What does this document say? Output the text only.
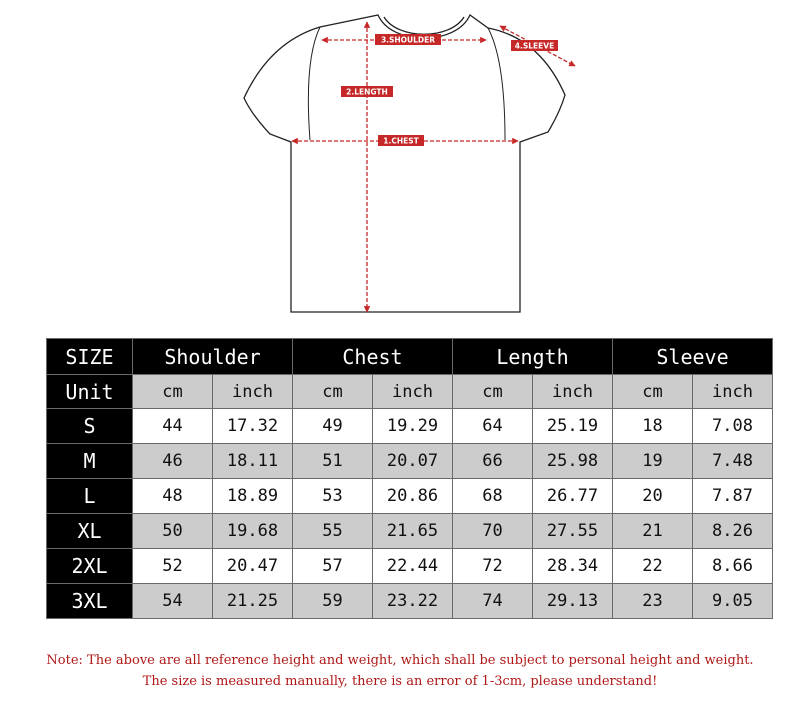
3.SHOULDER
4.SLEEVE
2.LENGTH
1.CHEST
SIZE	Shoulder		Chest		Length		Sleeve	
Unit	cm	inch	cm	inch	cm	inch	cm	inch
S	44	17.32	49	19.29	64	25.19	18	7.08
M	46	18.11	51	20.07	66	25.98	19	7.48
L	48	18.89	53	20.86	68	26.77	20	7.87
XL	50	19.68	55	21.65	70	27.55	21	8.26
2XL	52	20.47	57	22.44	72	28.34	22	8.66
3XL	54	21.25	59	23.22	74	29.13	23	9.05
Note: The above are all reference height and weight, which shall be subject to personal height and weight.
The size is measured manually, there is an error of 1-3cm, please understand!
